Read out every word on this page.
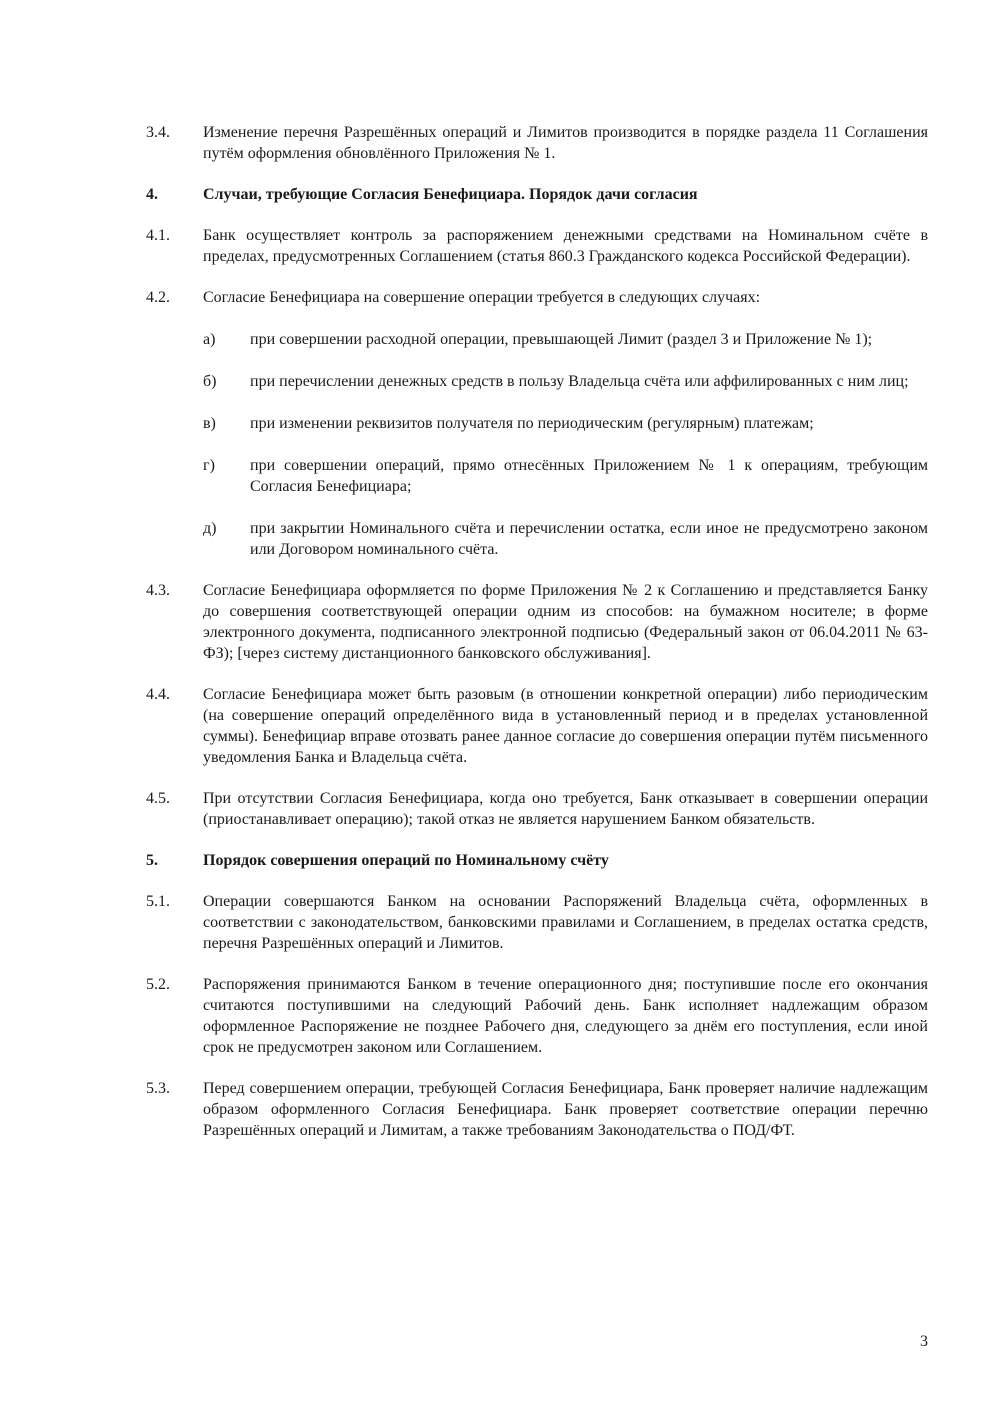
3.4.	Изменение перечня Разрешённых операций и Лимитов производится в порядке раздела 11 Соглашения путём оформления обновлённого Приложения № 1.
4.	Случаи, требующие Согласия Бенефициара. Порядок дачи согласия
4.1.	Банк осуществляет контроль за распоряжением денежными средствами на Номинальном счёте в пределах, предусмотренных Соглашением (статья 860.3 Гражданского кодекса Российской Федерации).
4.2.	Согласие Бенефициара на совершение операции требуется в следующих случаях:
а)	при совершении расходной операции, превышающей Лимит (раздел 3 и Приложение № 1);
б)	при перечислении денежных средств в пользу Владельца счёта или аффилированных с ним лиц;
в)	при изменении реквизитов получателя по периодическим (регулярным) платежам;
г)	при совершении операций, прямо отнесённых Приложением № 1 к операциям, требующим Согласия Бенефициара;
д)	при закрытии Номинального счёта и перечислении остатка, если иное не предусмотрено законом или Договором номинального счёта.
4.3.	Согласие Бенефициара оформляется по форме Приложения № 2 к Соглашению и представляется Банку до совершения соответствующей операции одним из способов: на бумажном носителе; в форме электронного документа, подписанного электронной подписью (Федеральный закон от 06.04.2011 № 63-ФЗ); [через систему дистанционного банковского обслуживания].
4.4.	Согласие Бенефициара может быть разовым (в отношении конкретной операции) либо периодическим (на совершение операций определённого вида в установленный период и в пределах установленной суммы). Бенефициар вправе отозвать ранее данное согласие до совершения операции путём письменного уведомления Банка и Владельца счёта.
4.5.	При отсутствии Согласия Бенефициара, когда оно требуется, Банк отказывает в совершении операции (приостанавливает операцию); такой отказ не является нарушением Банком обязательств.
5.	Порядок совершения операций по Номинальному счёту
5.1.	Операции совершаются Банком на основании Распоряжений Владельца счёта, оформленных в соответствии с законодательством, банковскими правилами и Соглашением, в пределах остатка средств, перечня Разрешённых операций и Лимитов.
5.2.	Распоряжения принимаются Банком в течение операционного дня; поступившие после его окончания считаются поступившими на следующий Рабочий день. Банк исполняет надлежащим образом оформленное Распоряжение не позднее Рабочего дня, следующего за днём его поступления, если иной срок не предусмотрен законом или Соглашением.
5.3.	Перед совершением операции, требующей Согласия Бенефициара, Банк проверяет наличие надлежащим образом оформленного Согласия Бенефициара. Банк проверяет соответствие операции перечню Разрешённых операций и Лимитам, а также требованиям Законодательства о ПОД/ФТ.
3
